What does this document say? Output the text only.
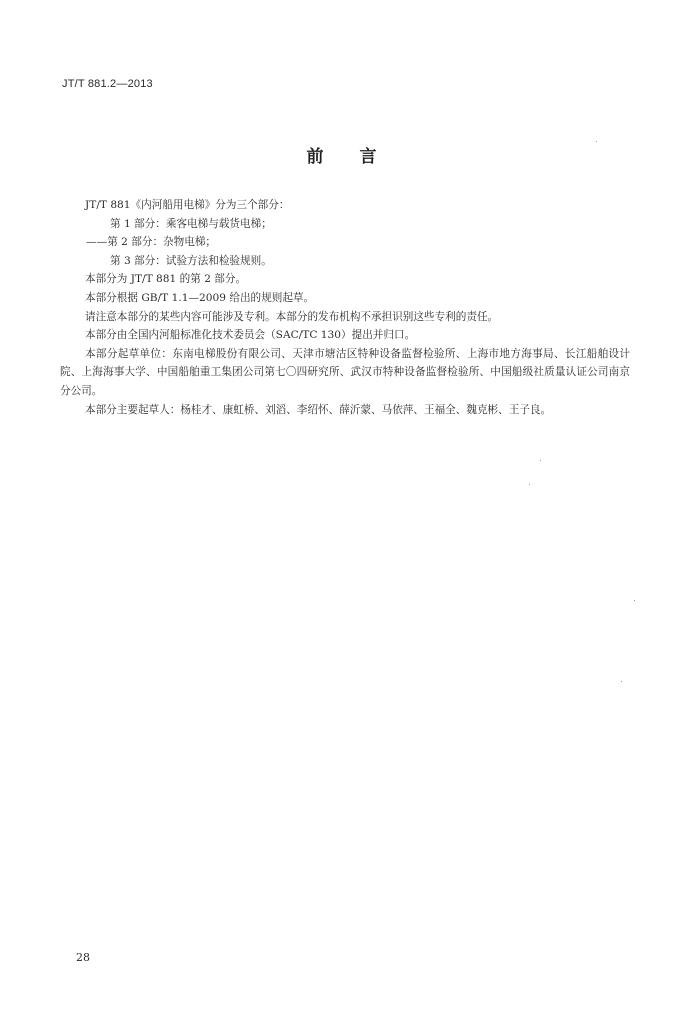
JT/T 881.2—2013
前言

JT/T 881《内河船用电梯》分为三个部分：

第 1 部分：乘客电梯与载货电梯；

——第 2 部分：杂物电梯；

第 3 部分：试验方法和检验规则。

本部分为 JT/T 881 的第 2 部分。

本部分根据 GB/T 1.1—2009 给出的规则起草。

请注意本部分的某些内容可能涉及专利。本部分的发布机构不承担识别这些专利的责任。

本部分由全国内河船标准化技术委员会（SAC/TC 130）提出并归口。

本部分起草单位：东南电梯股份有限公司、天津市塘沽区特种设备监督检验所、上海市地方海事局、长江船舶设计院、上海海事大学、中国船舶重工集团公司第七〇四研究所、武汉市特种设备监督检验所、中国船级社质量认证公司南京分公司。

本部分主要起草人：杨桂才、康虹桥、刘滔、李绍怀、薛沂蒙、马依萍、王福全、魏克彬、王子良。

28
